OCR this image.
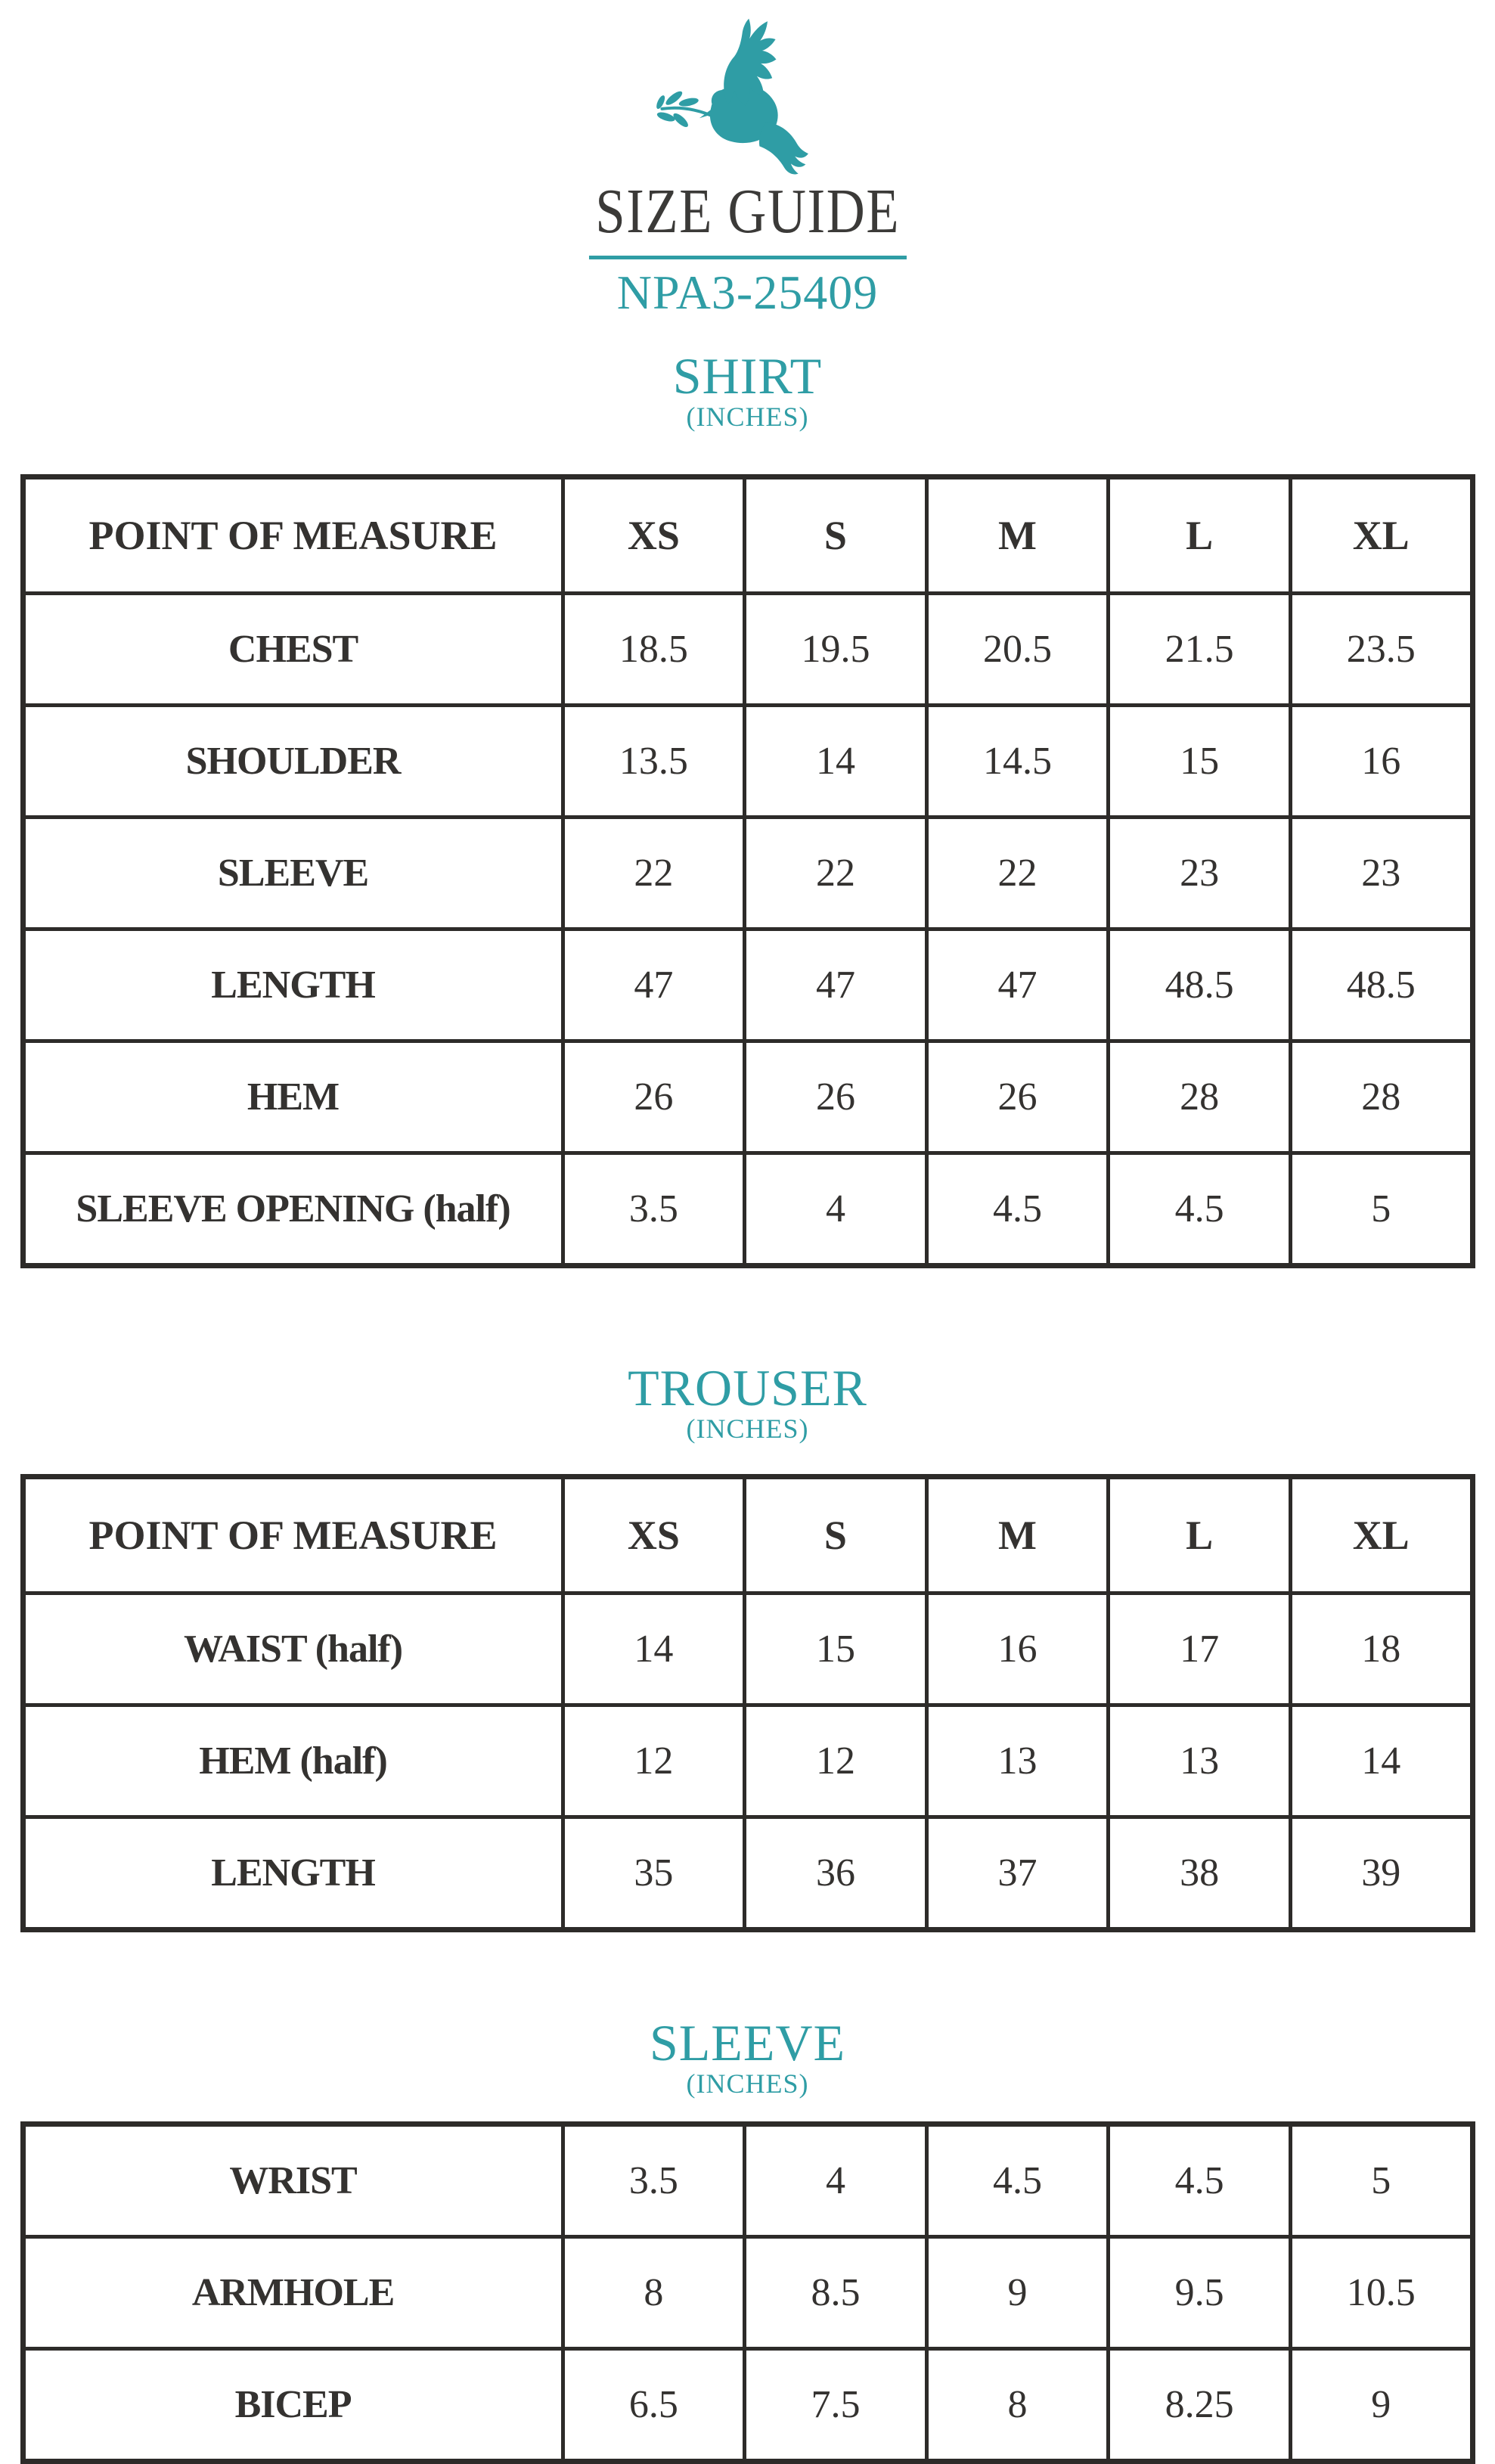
SIZE GUIDE
NPA3-25409
SHIRT
(INCHES)
POINT OF MEASURE	XS	S	M	L	XL
CHEST	18.5	19.5	20.5	21.5	23.5
SHOULDER	13.5	14	14.5	15	16
SLEEVE	22	22	22	23	23
LENGTH	47	47	47	48.5	48.5
HEM	26	26	26	28	28
SLEEVE OPENING (half)	3.5	4	4.5	4.5	5
TROUSER
(INCHES)
POINT OF MEASURE	XS	S	M	L	XL
WAIST (half)	14	15	16	17	18
HEM (half)	12	12	13	13	14
LENGTH	35	36	37	38	39
SLEEVE
(INCHES)
WRIST	3.5	4	4.5	4.5	5
ARMHOLE	8	8.5	9	9.5	10.5
BICEP	6.5	7.5	8	8.25	9
